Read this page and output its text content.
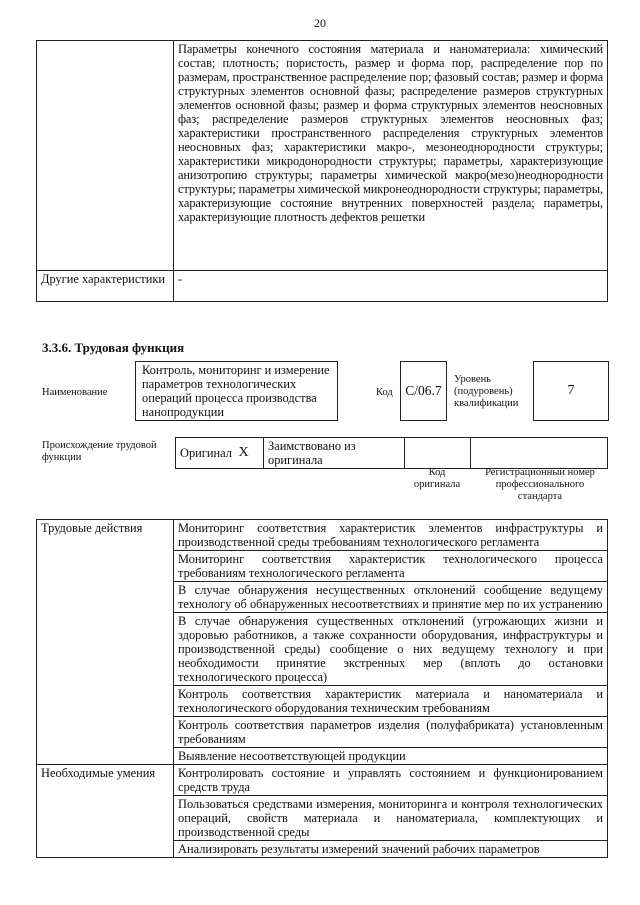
20
	Параметры конечного состояния материала и наноматериала: химический состав; плотность; пористость, размер и форма пор, распределение пор по размерам, пространственное распределение пор; фазовый состав; размер и форма структурных элементов основной фазы; распределение размеров структурных элементов основной фазы; размер и форма структурных элементов неосновных фаз; распределение размеров структурных элементов неосновных фаз; характеристики пространственного распределения структурных элементов неосновных фаз; характеристики макро-, мезонеоднородности структуры; характеристики микродонородности структуры; параметры, характеризующие анизотропию структуры; параметры химической макро(мезо)неоднородности структуры; параметры химической микронеоднородности структуры; параметры, характеризующие состояние внутренних поверхностей раздела; параметры, характеризующие плотность дефектов решетки
Другие характеристики	-
3.3.6. Трудовая функция
Наименование
Контроль, мониторинг и измерение параметров технологических операций процесса производства нанопродукции
Код C/06.7
Уровень (подуровень) квалификации
7
Происхождение трудовой функции	Оригинал	X	Заимствовано из оригинала		
Код оригинала
Регистрационный номер профессионального стандарта
Трудовые действия	Мониторинг соответствия характеристик элементов инфраструктуры и производственной среды требованиям технологического регламента
	Мониторинг соответствия характеристик технологического процесса требованиям технологического регламента
	В случае обнаружения несущественных отклонений сообщение ведущему технологу об обнаруженных несоответствиях и принятие мер по их устранению
	В случае обнаружения существенных отклонений (угрожающих жизни и здоровью работников, а также сохранности оборудования, инфраструктуры и производственной среды) сообщение о них ведущему технологу и при необходимости принятие экстренных мер (вплоть до остановки технологического процесса)
	Контроль соответствия характеристик материала и наноматериала и технологического оборудования техническим требованиям
	Контроль соответствия параметров изделия (полуфабриката) установленным требованиям
	Выявление несоответствующей продукции
Необходимые умения	Контролировать состояние и управлять состоянием и функционированием средств труда
	Пользоваться средствами измерения, мониторинга и контроля технологических операций, свойств материала и наноматериала, комплектующих и производственной среды
	Анализировать результаты измерений значений рабочих параметров
